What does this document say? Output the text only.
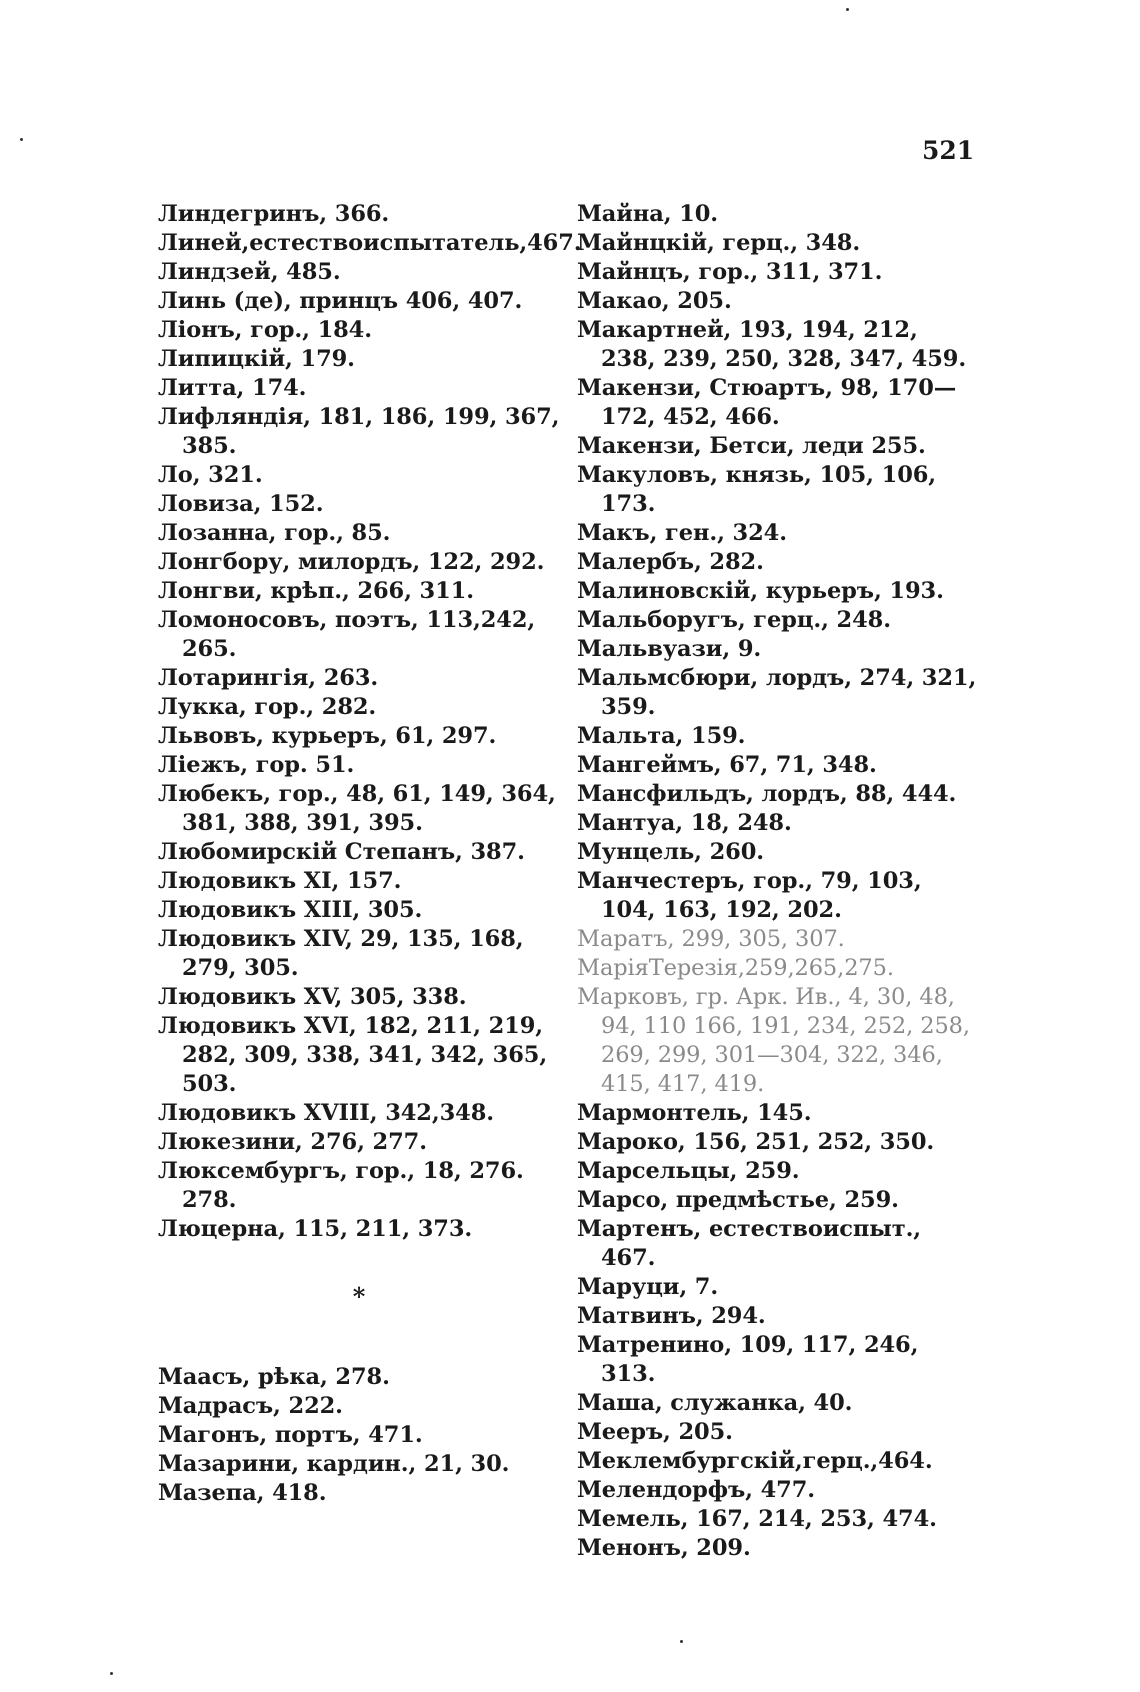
521
Линдегринъ, 366.
Линей,естествоиспытатель,467.
Линдзей, 485.
Линь (де), принцъ 406, 407.
Ліонъ, гор., 184.
Липицкій, 179.
Литта, 174.
Лифляндія, 181, 186, 199, 367, 385.
Ло, 321.
Ловиза, 152.
Лозанна, гор., 85.
Лонгбору, милордъ, 122, 292.
Лонгви, крѣп., 266, 311.
Ломоносовъ, поэтъ, 113,242, 265.
Лотарингія, 263.
Лукка, гор., 282.
Львовъ, курьеръ, 61, 297.
Ліежъ, гор. 51.
Любекъ, гор., 48, 61, 149, 364, 381, 388, 391, 395.
Любомирскій Степанъ, 387.
Людовикъ XI, 157.
Людовикъ XIII, 305.
Людовикъ XIV, 29, 135, 168, 279, 305.
Людовикъ XV, 305, 338.
Людовикъ XVI, 182, 211, 219, 282, 309, 338, 341, 342, 365, 503.
Людовикъ XVIII, 342,348.
Люкезини, 276, 277.
Люксембургъ, гор., 18, 276. 278.
Люцерна, 115, 211, 373.
*
Маасъ, рѣка, 278.
Мадрасъ, 222.
Магонъ, портъ, 471.
Мазарини, кардин., 21, 30.
Мазепа, 418.
Майна, 10.
Майнцкій, герц., 348.
Майнцъ, гор., 311, 371.
Макао, 205.
Макартней, 193, 194, 212, 238, 239, 250, 328, 347, 459.
Макензи, Стюартъ, 98, 170—172, 452, 466.
Макензи, Бетси, леди 255.
Макуловъ, князь, 105, 106, 173.
Макъ, ген., 324.
Малербъ, 282.
Малиновскій, курьеръ, 193.
Мальборугъ, герц., 248.
Мальвуази, 9.
Мальмсбюри, лордъ, 274, 321, 359.
Мальта, 159.
Мангеймъ, 67, 71, 348.
Мансфильдъ, лордъ, 88, 444.
Мантуа, 18, 248.
Мунцель, 260.
Манчестеръ, гор., 79, 103, 104, 163, 192, 202.
Маратъ, 299, 305, 307.
МаріяТерезія,259,265,275.
Марковъ, гр. Арк. Ив., 4, 30, 48, 94, 110 166, 191, 234, 252, 258, 269, 299, 301—304, 322, 346, 415, 417, 419.
Мармонтель, 145.
Мароко, 156, 251, 252, 350.
Марсельцы, 259.
Марсо, предмѣстье, 259.
Мартенъ, естествоиспыт., 467.
Маруци, 7.
Матвинъ, 294.
Матренино, 109, 117, 246, 313.
Маша, служанка, 40.
Мееръ, 205.
Меклембургскій,герц.,464.
Мелендорфъ, 477.
Мемель, 167, 214, 253, 474.
Менонъ, 209.
